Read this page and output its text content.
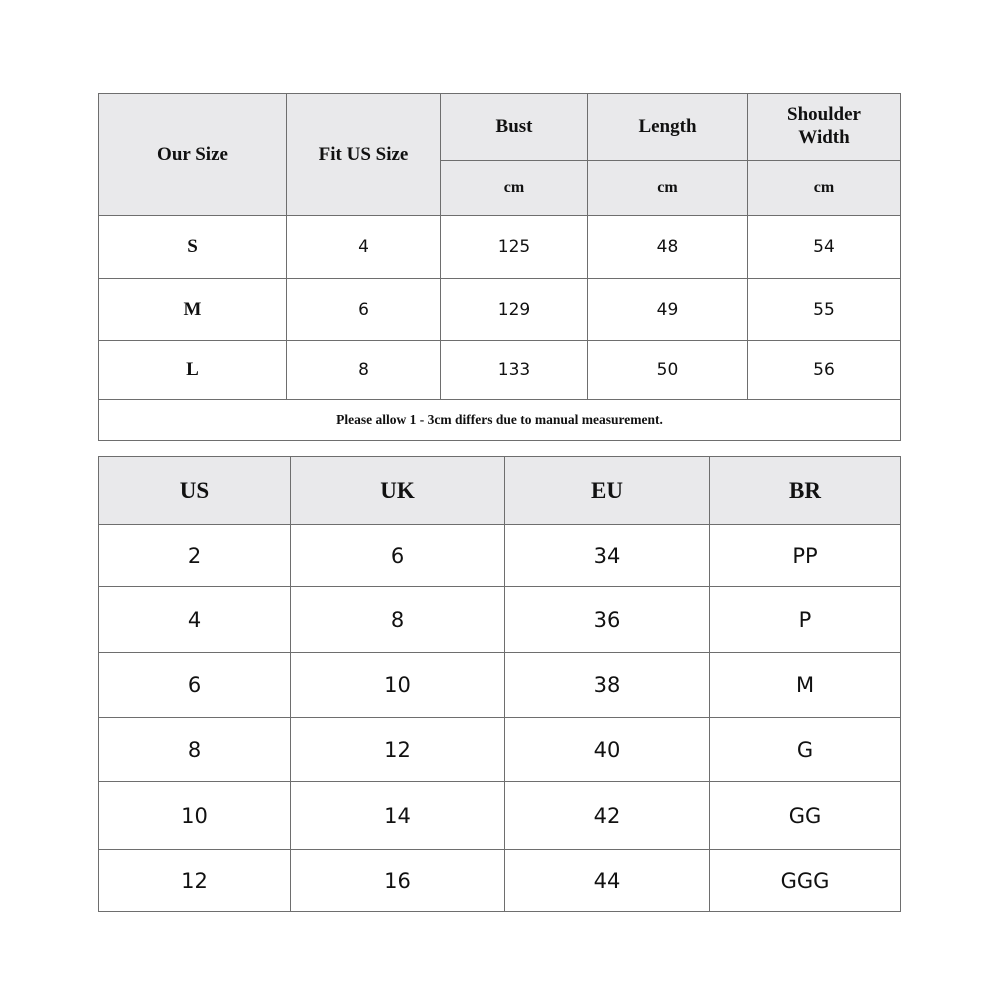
Our Size	Fit US Size	Bust	Length	Shoulder Width
		cm	cm	cm
S	4	125	48	54
M	6	129	49	55
L	8	133	50	56
Please allow 1 - 3cm differs due to manual measurement.				
US	UK	EU	BR
2	6	34	PP
4	8	36	P
6	10	38	M
8	12	40	G
10	14	42	GG
12	16	44	GGG
